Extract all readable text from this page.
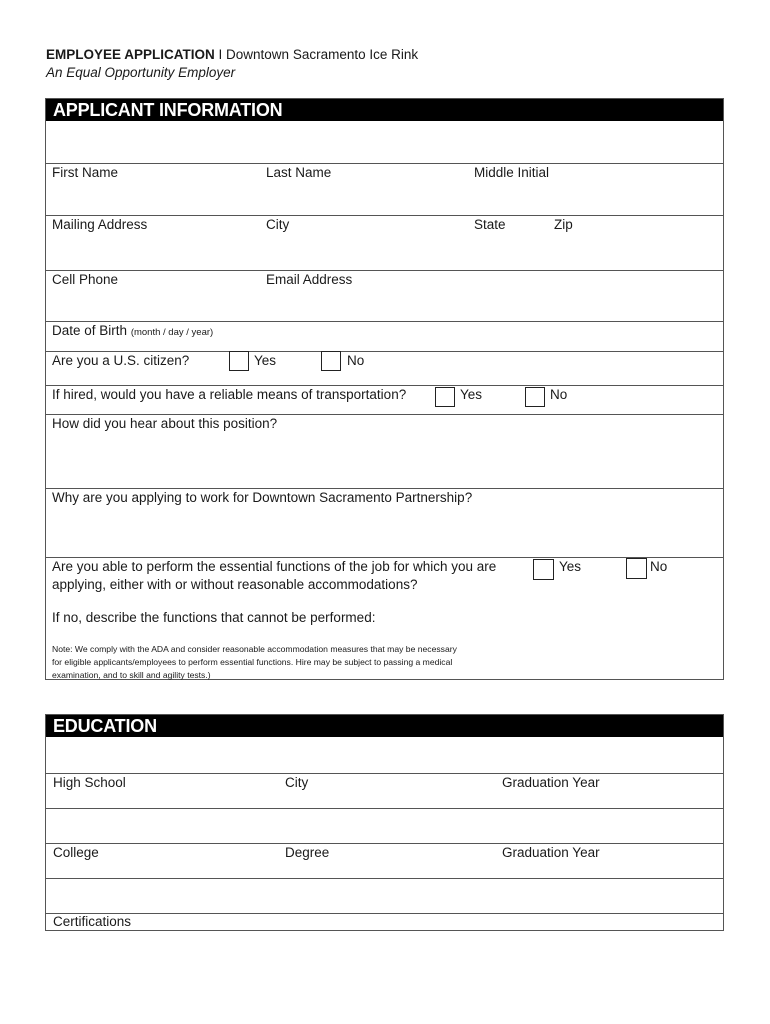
EMPLOYEE APPLICATION I Downtown Sacramento Ice Rink
An Equal Opportunity Employer
APPLICANT INFORMATION
First Name	Last Name	Middle Initial
Mailing Address	City	State	Zip
Cell Phone	Email Address
Date of Birth (month / day / year)
Are you a U.S. citizen?	Yes	No
If hired, would you have a reliable means of transportation?	Yes	No
How did you hear about this position?
Why are you applying to work for Downtown Sacramento Partnership?
Are you able to perform the essential functions of the job for which you are
applying, either with or without reasonable accommodations?
Yes	No
If no, describe the functions that cannot be performed:
Note: We comply with the ADA and consider reasonable accommodation measures that may be necessary
for eligible applicants/employees to perform essential functions. Hire may be subject to passing a medical
examination, and to skill and agility tests.)
EDUCATION
High School	City	Graduation Year
College	Degree	Graduation Year
Certifications
